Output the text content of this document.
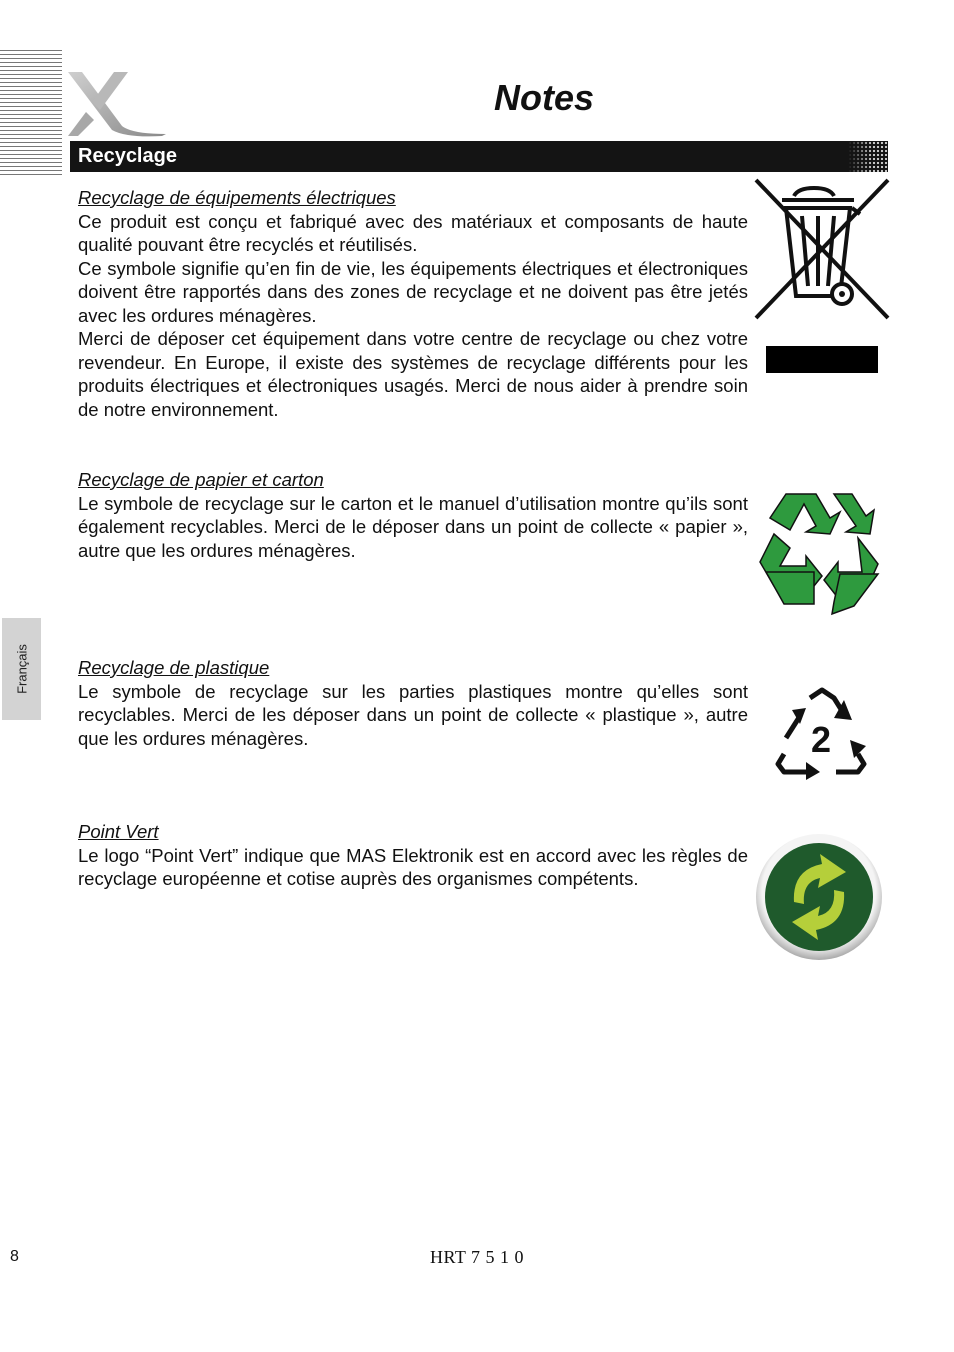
Notes
Recyclage
Recyclage de équipements électriques

Ce produit est conçu et fabriqué avec des matériaux et composants de haute qualité pouvant être recyclés et réutilisés.

Ce symbole signifie qu’en fin de vie, les équipements électriques et électroniques doivent être rapportés dans des zones de recyclage et ne doivent pas être jetés avec les ordures ménagères.

Merci de déposer cet équipement dans votre centre de recyclage ou chez votre revendeur. En Europe, il existe des systèmes de recyclage différents pour les produits électriques et électroniques usagés. Merci de nous aider à prendre soin de notre environnement.

Recyclage de papier et carton

Le symbole de recyclage sur le carton et le manuel d’utilisation montre qu’ils sont également recyclables. Merci de le déposer dans un point de collecte « papier », autre que les ordures ménagères.

Recyclage de plastique

Le symbole de recyclage sur les parties plastiques montre qu’elles sont recyclables. Merci de les déposer dans un point de collecte « plastique », autre que les ordures ménagères.	2
Point Vert

Le logo “Point Vert” indique que MAS Elektronik est en accord avec les règles de recyclage européenne et cotise auprès des organismes compétents.

Français
8	HRT 7 5 1 0
